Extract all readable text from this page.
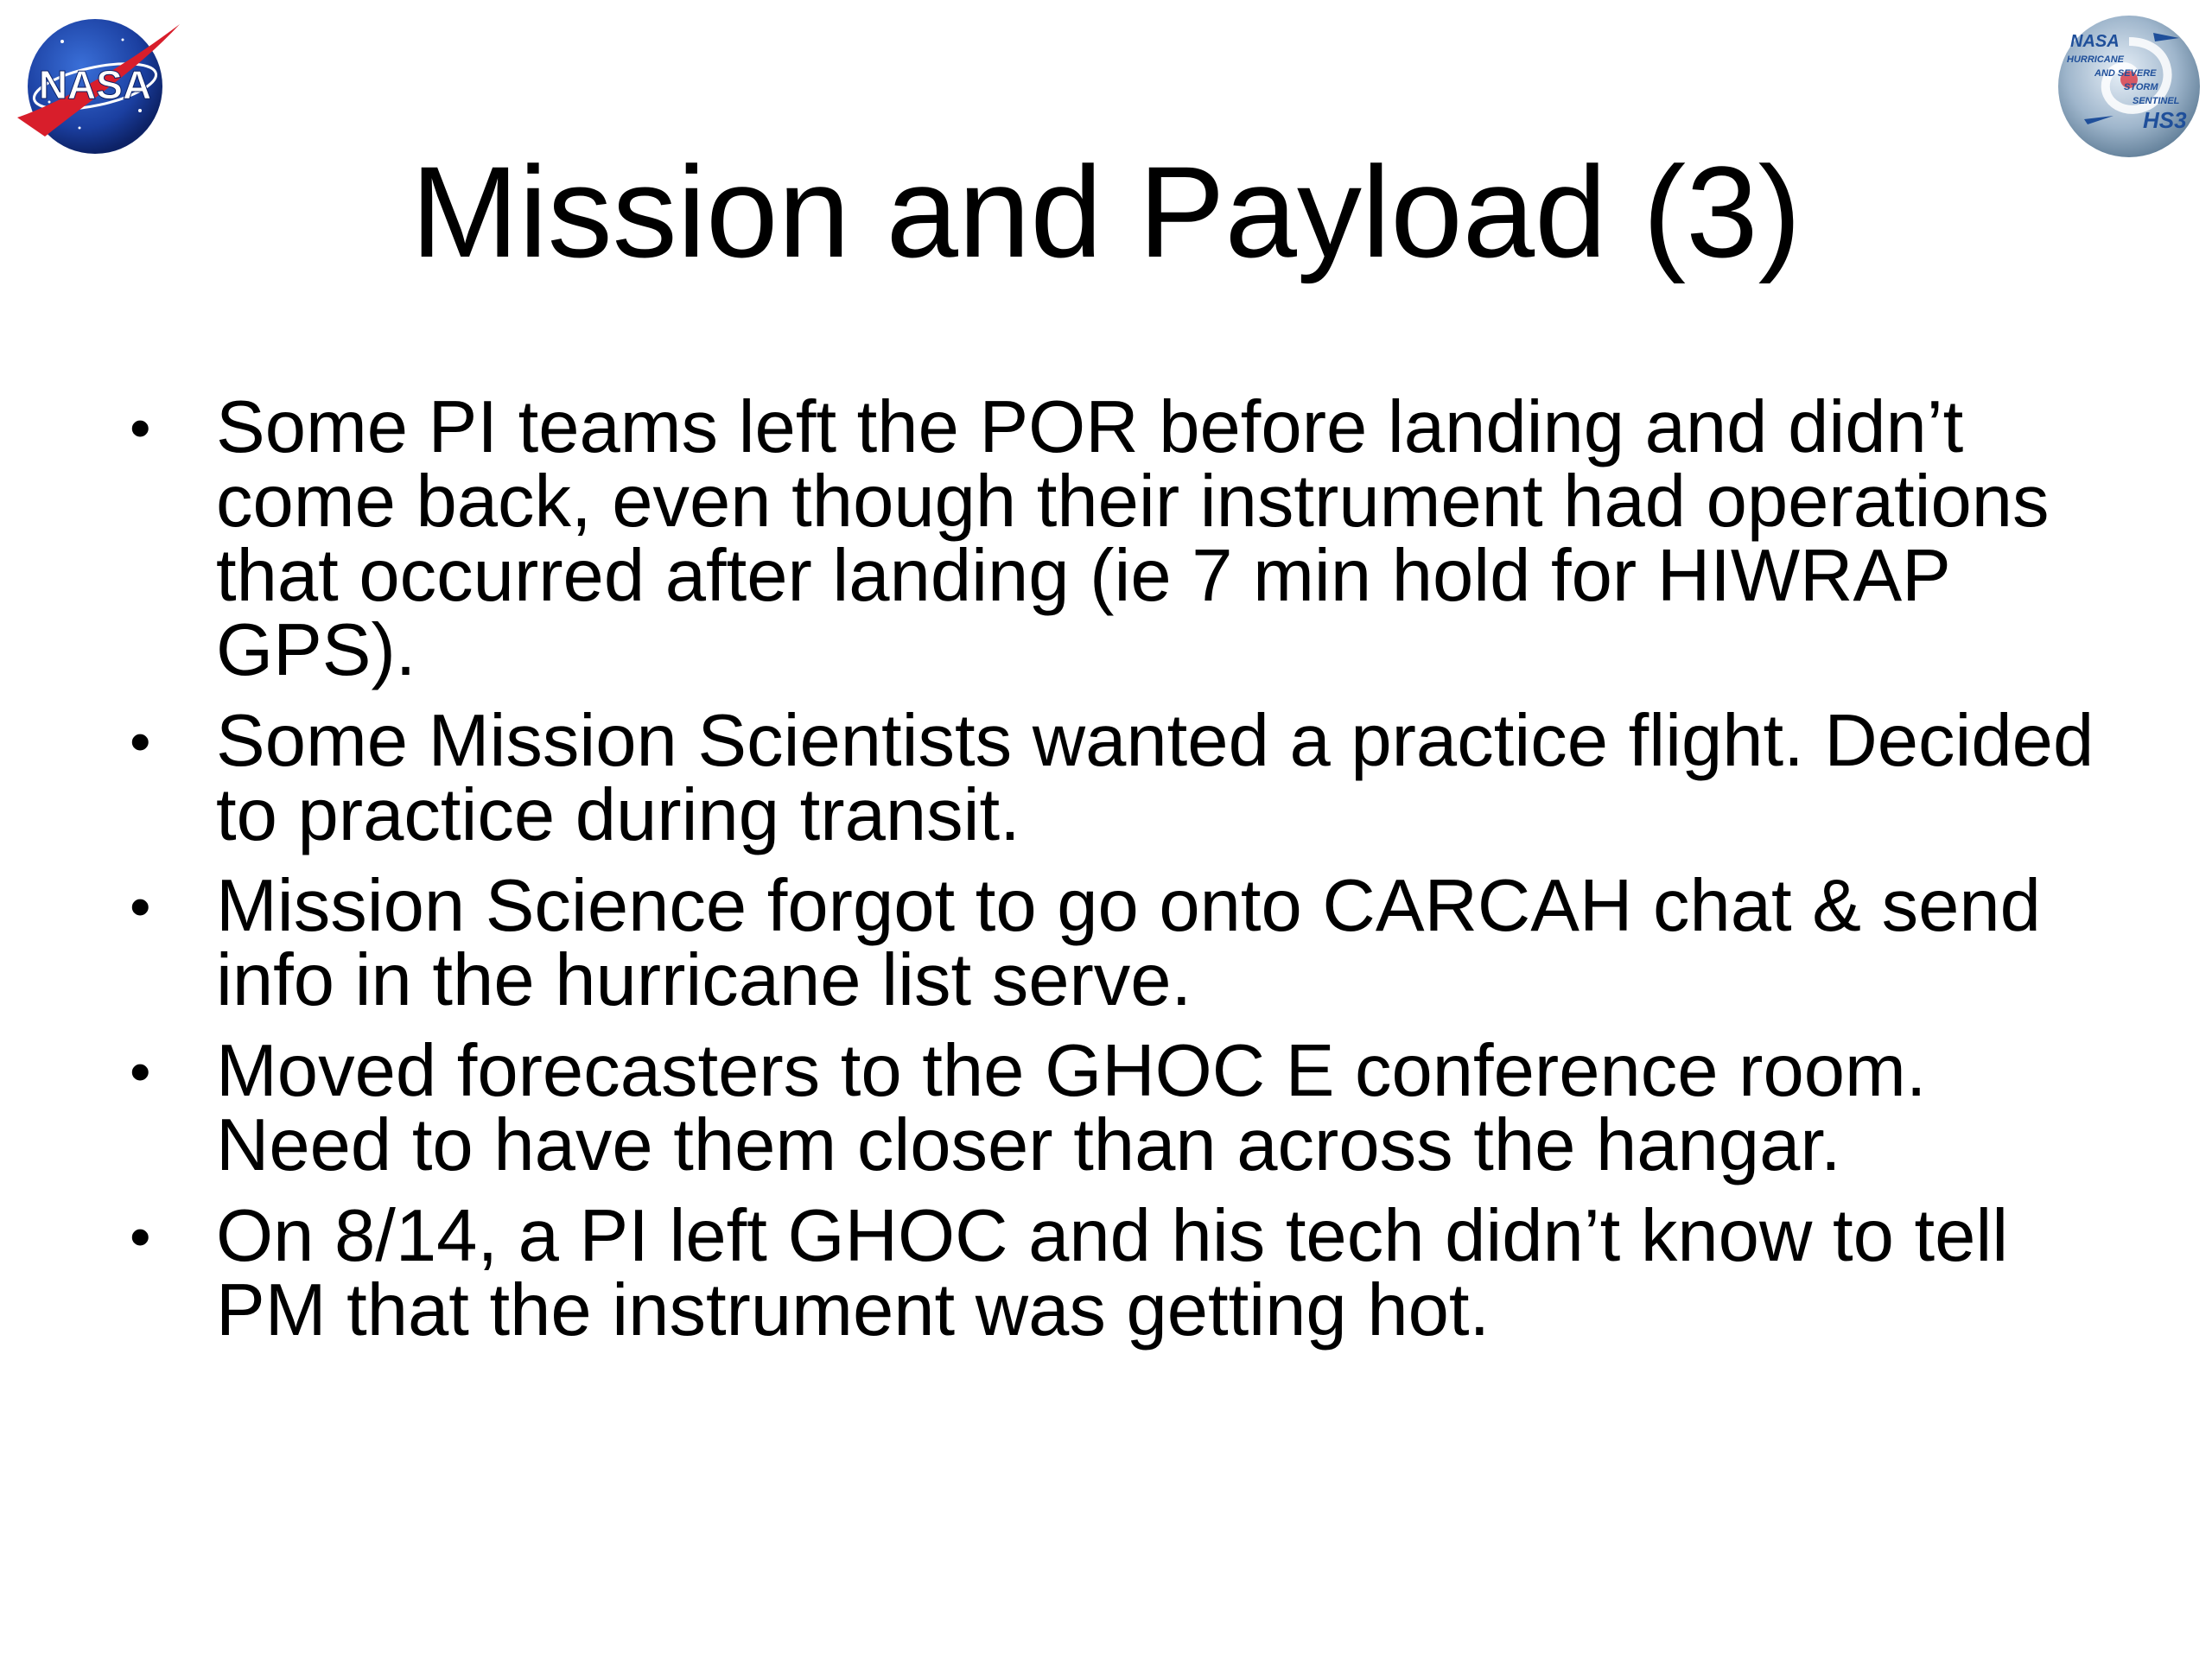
NASA
NASA
HURRICANE
AND SEVERE
STORM
SENTINEL
HS3
Mission and Payload (3)
• Some PI teams left the POR before landing and didn’t come back, even though their instrument had operations that occurred after landing (ie 7 min hold for HIWRAP GPS).
• Some Mission Scientists wanted a practice flight. Decided to practice during transit.
• Mission Science forgot to go onto CARCAH chat & send info in the hurricane list serve.
• Moved forecasters to the GHOC E conference room. Need to have them closer than across the hangar.
• On 8/14, a PI left GHOC and his tech didn’t know to tell PM that the instrument was getting hot.
